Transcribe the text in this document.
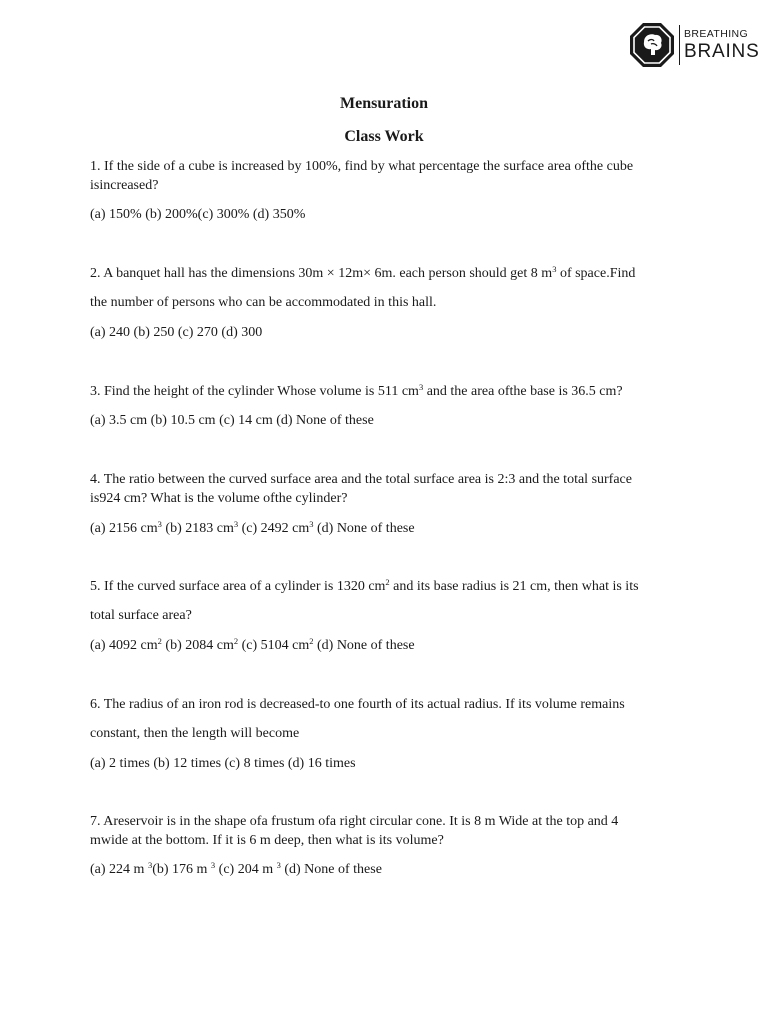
BREATHING
BRAINS
Mensuration
Class Work
1. If the side of a cube is increased by 100%, find by what percentage the surface area ofthe cube
isincreased?
(a) 150% (b) 200%(c) 300% (d) 350%
2. A banquet hall has the dimensions 30m × 12m× 6m. each person should get 8 $m^3$ of space.Find
the number of persons who can be accommodated in this hall.
(a) 240 (b) 250 (c) 270 (d) 300
3. Find the height of the cylinder Whose volume is 511 $cm^3$ and the area ofthe base is 36.5 cm?
(a) 3.5 cm (b) 10.5 cm (c) 14 cm (d) None of these
4. The ratio between the curved surface area and the total surface area is 2:3 and the total surface
is924 cm? What is the volume ofthe cylinder?
(a) 2156 $cm^3$ (b) 2183 $cm^3$ (c) 2492 $cm^3$ (d) None of these
5. If the curved surface area of a cylinder is 1320 $cm^2$ and its base radius is 21 cm, then what is its
total surface area?
(a) 4092 $cm^2$ (b) 2084 $cm^2$ (c) 5104 $cm^2$ (d) None of these
6. The radius of an iron rod is decreased-to one fourth of its actual radius. If its volume remains
constant, then the length will become
(a) 2 times (b) 12 times (c) 8 times (d) 16 times
7. Areservoir is in the shape ofa frustum ofa right circular cone. It is 8 m Wide at the top and 4
mwide at the bottom. If it is 6 m deep, then what is its volume?
(a) 224 m $^3$(b) 176 m $^3$ (c) 204 m $^3$ (d) None of these
